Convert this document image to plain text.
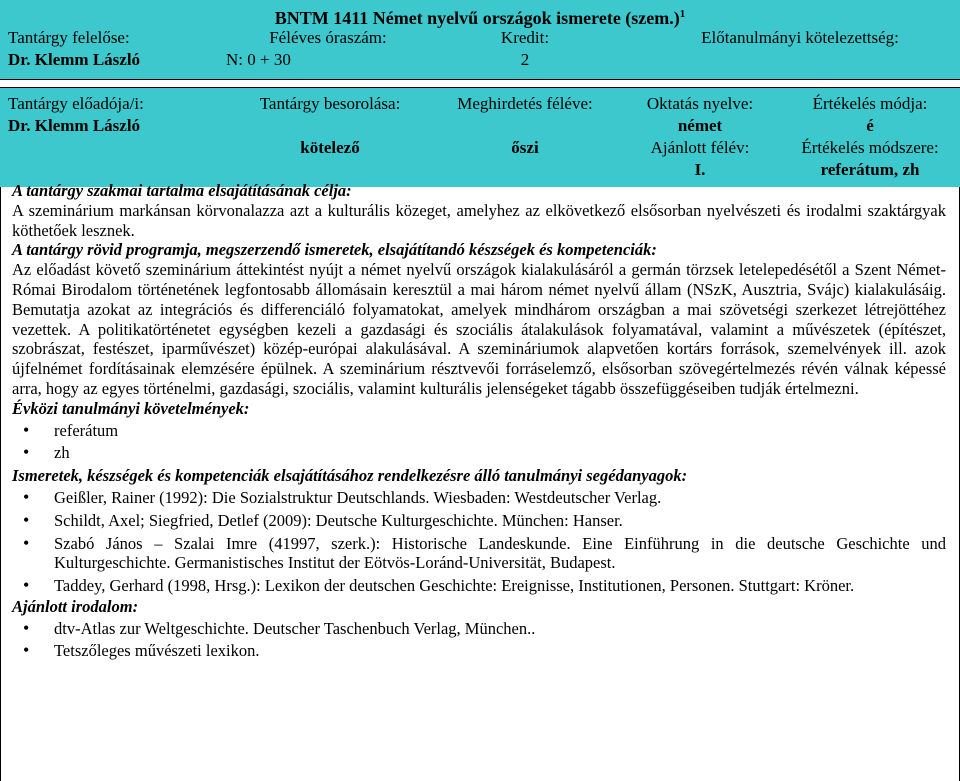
BNTM 1411 Német nyelvű országok ismerete (szem.)$^1$
Tantárgy felelőse:
Dr. Klemm László
Féléves óraszám:
N: 0 + 30
Kredit:
2
Előtanulmányi kötelezettség:
Tantárgy előadója/i:
Dr. Klemm László
Tantárgy besorolása:
kötelező
Meghirdetés féléve:
őszi
Oktatás nyelve:
német
Ajánlott félév:
I.
Értékelés módja:
é
Értékelés módszere:
referátum, zh
A tantárgy szakmai tartalma elsajátításának célja:
A szeminárium markánsan körvonalazza azt a kulturális közeget, amelyhez az elkövetkező elsősorban nyelvészeti és irodalmi szaktárgyak köthetőek lesznek.
A tantárgy rövid programja, megszerzendő ismeretek, elsajátítandó készségek és kompetenciák:
Az előadást követő szeminárium áttekintést nyújt a német nyelvű országok kialakulásáról a germán törzsek letelepedésétől a Szent Német-Római Birodalom történetének legfontosabb állomásain keresztül a mai három német nyelvű állam (NSzK, Ausztria, Svájc) kialakulásáig. Bemutatja azokat az integrációs és differenciáló folyamatokat, amelyek mindhárom országban a mai szövetségi szerkezet létrejöttéhez vezettek. A politikatörténetet egységben kezeli a gazdasági és szociális átalakulások folyamatával, valamint a művészetek (építészet, szobrászat, festészet, iparművészet) közép-európai alakulásával. A szemináriumok alapvetően kortárs források, szemelvények ill. azok újfelnémet fordításainak elemzésére épülnek. A szeminárium résztvevői forráselemző, elsősorban szövegértelmezés révén válnak képessé arra, hogy az egyes történelmi, gazdasági, szociális, valamint kulturális jelenségeket tágabb összefüggéseiben tudják értelmezni.
Évközi tanulmányi követelmények:
• referátum
• zh
Ismeretek, készségek és kompetenciák elsajátításához rendelkezésre álló tanulmányi segédanyagok:
• Geißler, Rainer (1992): Die Sozialstruktur Deutschlands. Wiesbaden: Westdeutscher Verlag.
• Schildt, Axel; Siegfried, Detlef (2009): Deutsche Kulturgeschichte. München: Hanser.
• Szabó János – Szalai Imre (41997, szerk.): Historische Landeskunde. Eine Einführung in die deutsche Geschichte und Kulturgeschichte. Germanistisches Institut der Eötvös-Loránd-Universität, Budapest.
• Taddey, Gerhard (1998, Hrsg.): Lexikon der deutschen Geschichte: Ereignisse, Institutionen, Personen. Stuttgart: Kröner.
Ajánlott irodalom:
• dtv-Atlas zur Weltgeschichte. Deutscher Taschenbuch Verlag, München..
• Tetszőleges művészeti lexikon.
